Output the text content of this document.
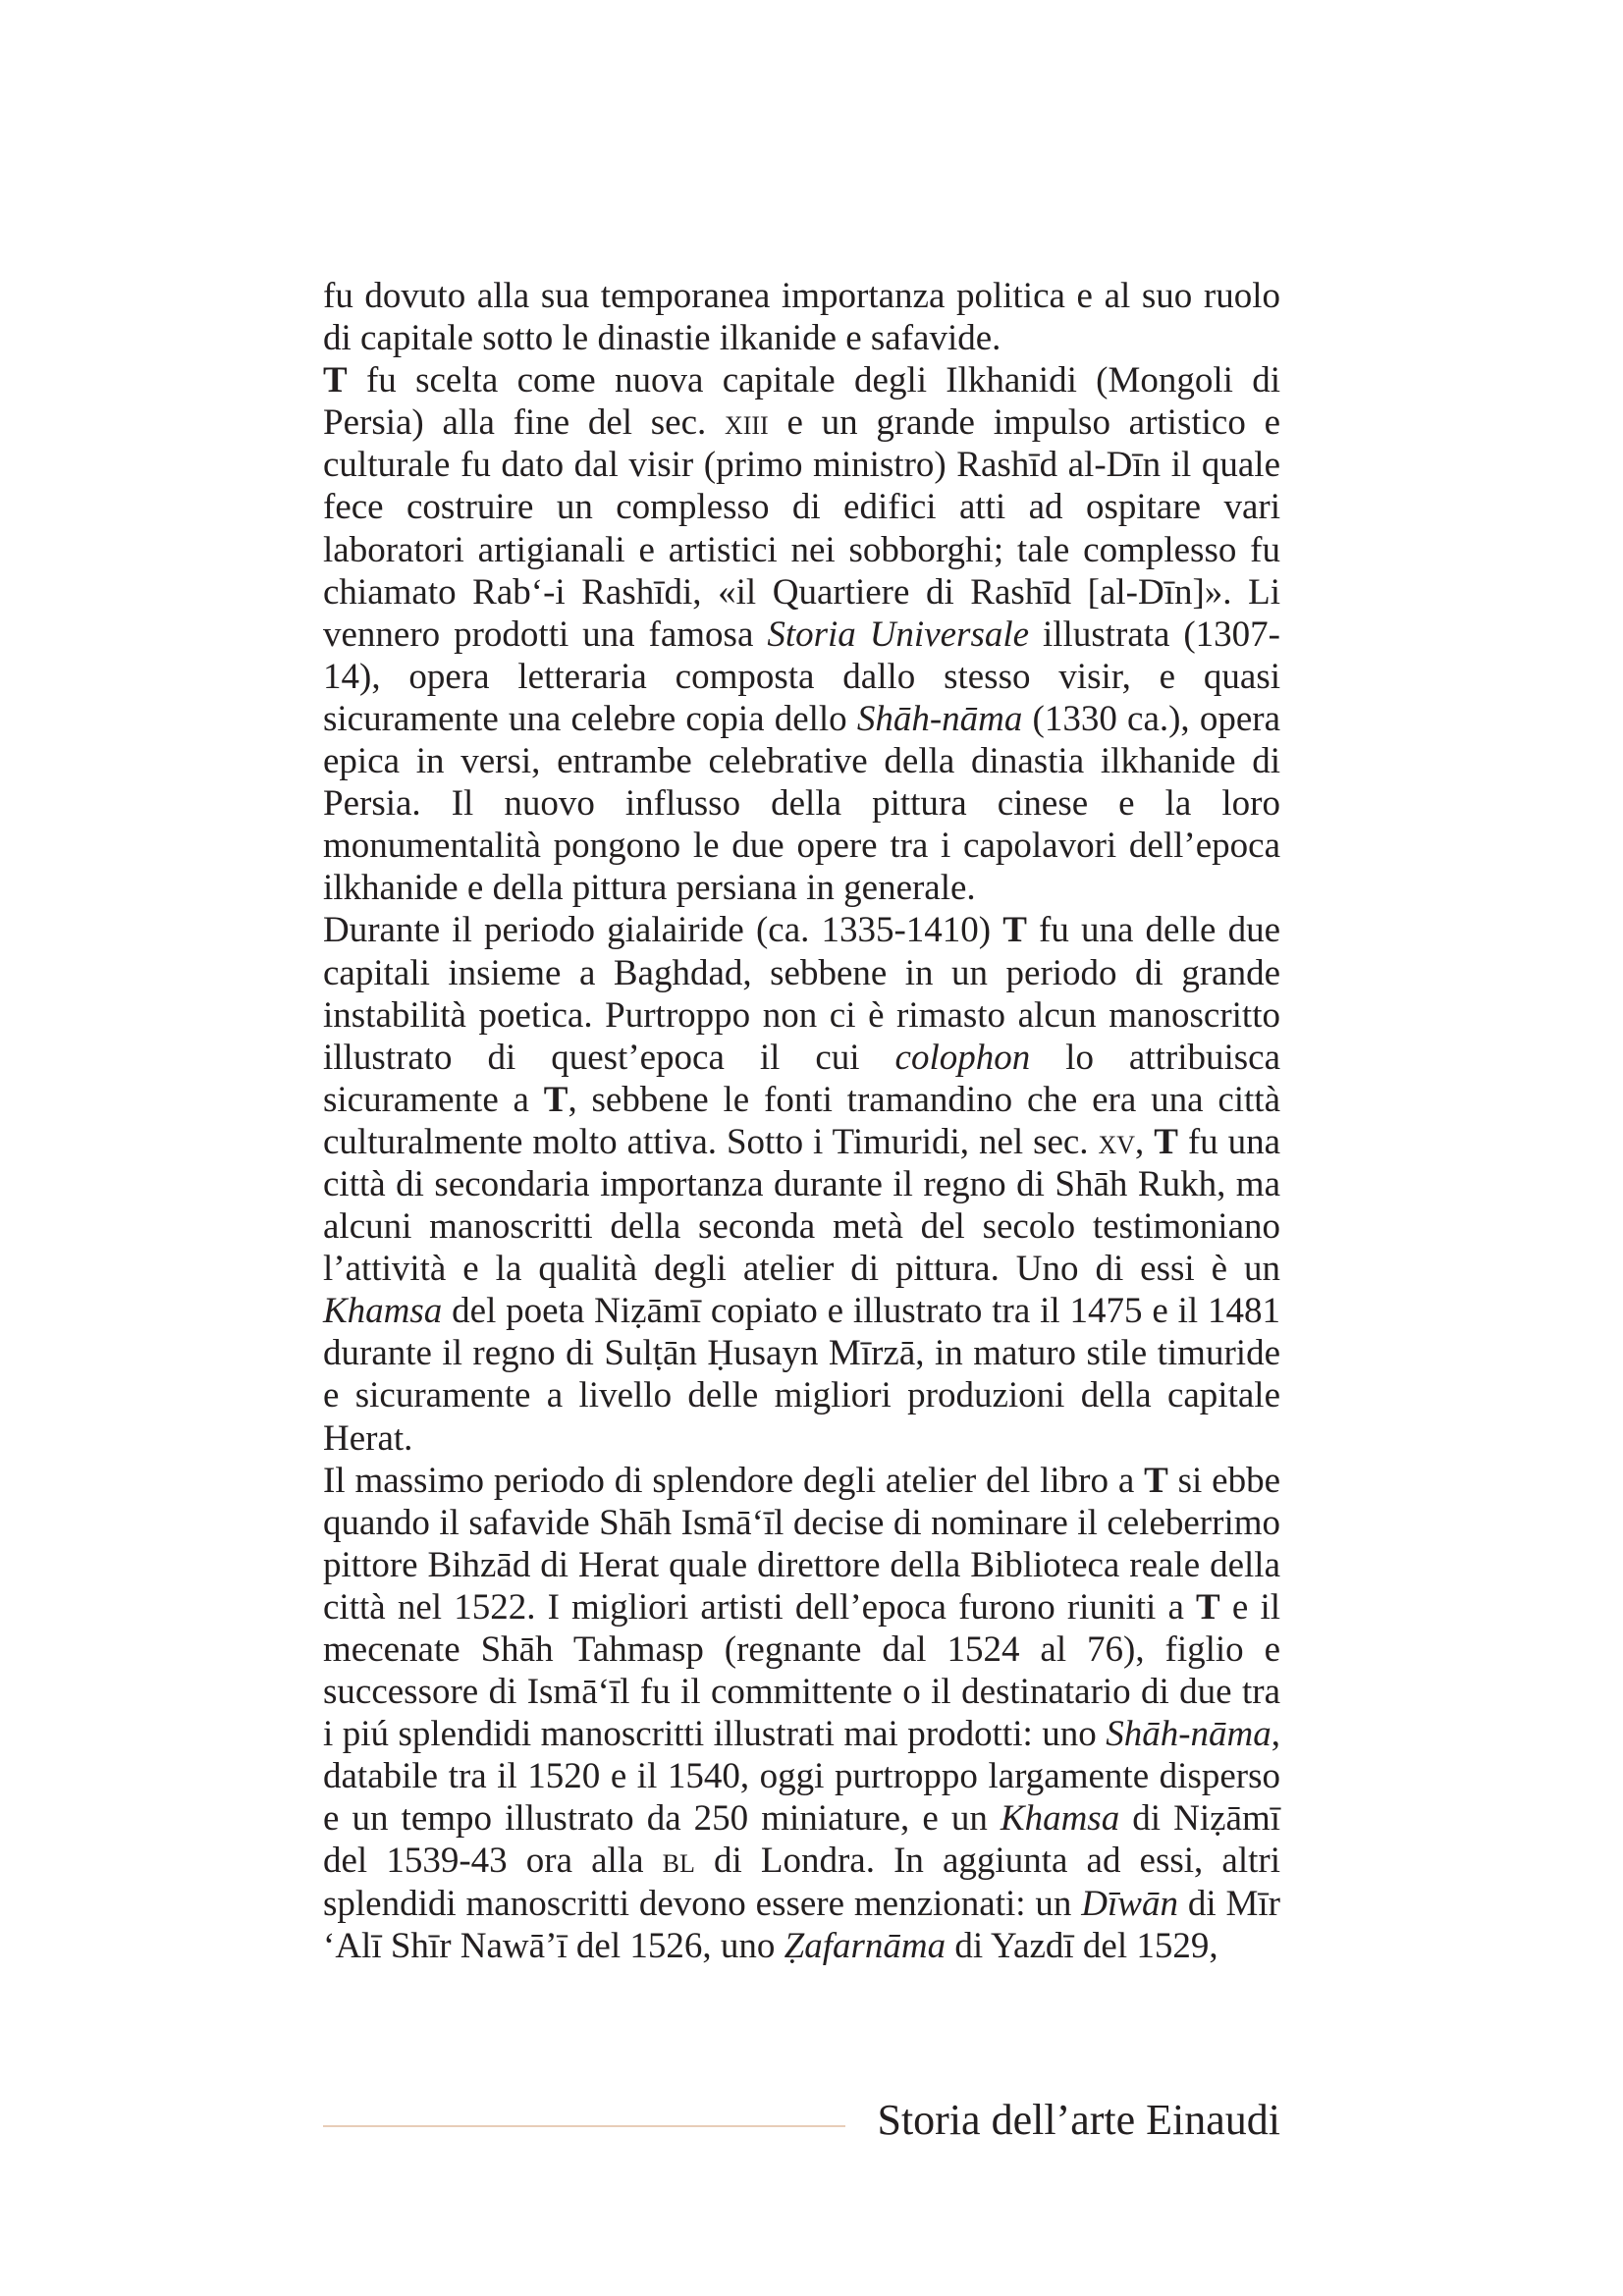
fu dovuto alla sua temporanea importanza politica e al suo ruolo di capitale sotto le dinastie ilkanide e safavide.

T fu scelta come nuova capitale degli Ilkhanidi (Mongoli di Persia) alla fine del sec. xiii e un grande impulso artistico e culturale fu dato dal visir (primo ministro) Rashīd al-Dīn il quale fece costruire un complesso di edifici atti ad ospitare vari laboratori artigianali e artistici nei sobborghi; tale complesso fu chiamato Rab‘-i Rashīdi, «il Quartiere di Rashīd [al-Dīn]». Li vennero prodotti una famosa Storia Universale illustrata (1307-14), opera letteraria composta dallo stesso visir, e quasi sicuramente una celebre copia dello Shāh-nāma (1330 ca.), opera epica in versi, entrambe celebrative della dinastia ilkhanide di Persia. Il nuovo influsso della pittura cinese e la loro monumentalità pongono le due opere tra i capolavori dell’epoca ilkhanide e della pittura persiana in generale.

Durante il periodo gialairide (ca. 1335-1410) T fu una delle due capitali insieme a Baghdad, sebbene in un periodo di grande instabilità poetica. Purtroppo non ci è rimasto alcun manoscritto illustrato di quest’epoca il cui colophon lo attribuisca sicuramente a T, sebbene le fonti tramandino che era una città culturalmente molto attiva. Sotto i Timuridi, nel sec. xv, T fu una città di secondaria importanza durante il regno di Shāh Rukh, ma alcuni manoscritti della seconda metà del secolo testimoniano l’attività e la qualità degli atelier di pittura. Uno di essi è un Khamsa del poeta Niẓāmī copiato e illustrato tra il 1475 e il 1481 durante il regno di Sulṭān Ḥusayn Mīrzā, in maturo stile timuride e sicuramente a livello delle migliori produzioni della capitale Herat.

Il massimo periodo di splendore degli atelier del libro a T si ebbe quando il safavide Shāh Ismā‘īl decise di nominare il celeberrimo pittore Bihzād di Herat quale direttore della Biblioteca reale della città nel 1522. I migliori artisti dell’epoca furono riuniti a T e il mecenate Shāh Tahmasp (regnante dal 1524 al 76), figlio e successore di Ismā‘īl fu il committente o il destinatario di due tra i piú splendidi manoscritti illustrati mai prodotti: uno Shāh-nāma, databile tra il 1520 e il 1540, oggi purtroppo largamente disperso e un tempo illustrato da 250 miniature, e un Khamsa di Niẓāmī del 1539-43 ora alla bl di Londra. In aggiunta ad essi, altri splendidi manoscritti devono essere menzionati: un Dīwān di Mīr ‘Alī Shīr Nawā’ī del 1526, uno Ẓafarnāma di Yazdī del 1529,

Storia dell’arte Einaudi
